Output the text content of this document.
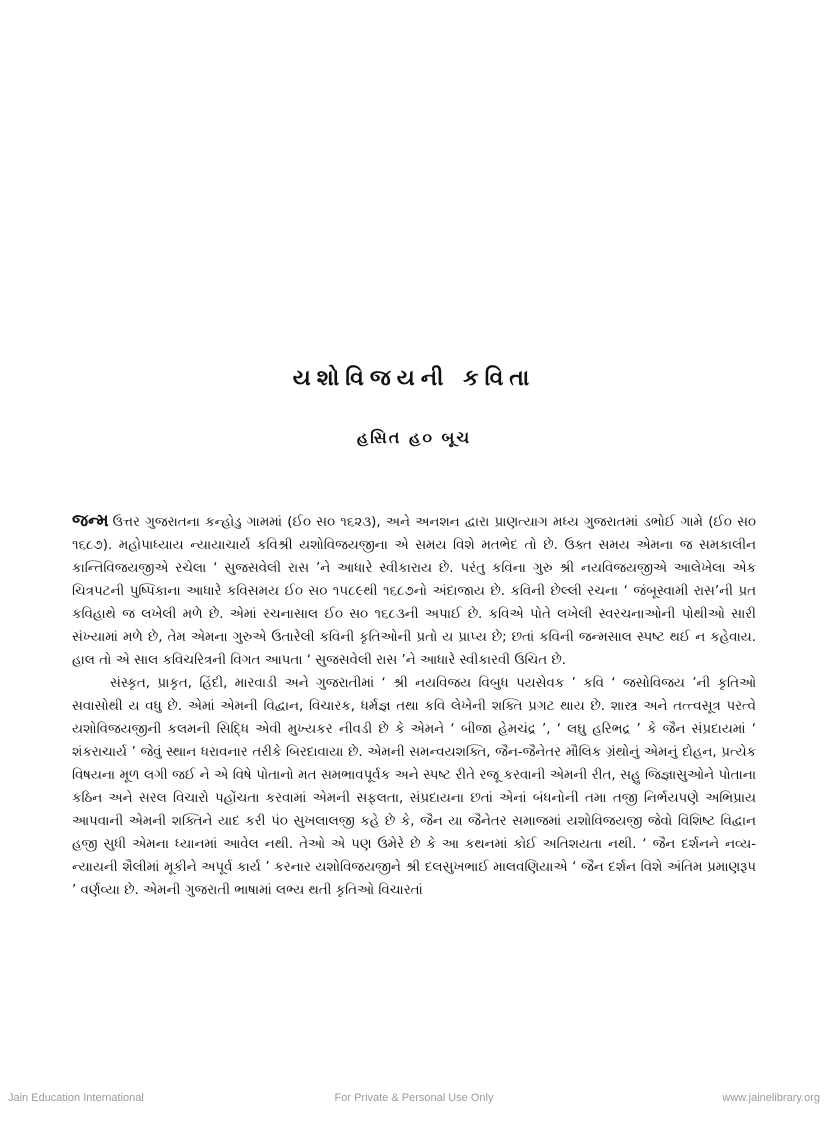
યશોવિજયની કવિતા
હસિત હ૦ બૂચ

જન્મ ઉત્તર ગુજરાતના કન્હોડુ ગામમાં (ઈ૦ સ૦ ૧૬૨૩), અને અનશન દ્વારા પ્રાણત્યાગ મધ્ય ગુજરાતમાં ડભોઈ ગામે (ઈ૦ સ૦ ૧૬૮૭). મહોપાધ્યાય ન્યાયાચાર્ય કવિશ્રી યશોવિજયજીના એ સમય વિશે મતભેદ તો છે. ઉક્ત સમય એમના જ સમકાલીન કાન્તિવિજયજીએ રચેલા ‘ સુજસવેલી રાસ ’ને આધારે સ્વીકારાય છે. પરંતુ કવિના ગુરુ શ્રી નયવિજયજીએ આલેખેલા એક ચિત્રપટની પુષ્પિકાના આધારે કવિસમય ઈ૦ સ૦ ૧૫૮૯થી ૧૬૮૭નો અંદાજાય છે. કવિની છેલ્લી રચના ‘ જંબૂસ્વામી રાસ’ની પ્રત કવિહાથે જ લખેલી મળે છે. એમાં રચનાસાલ ઈ૦ સ૦ ૧૬૮૩ની અપાઈ છે. કવિએ પોતે લખેલી સ્વરચનાઓની પોથીઓ સારી સંખ્યામાં મળે છે, તેમ એમના ગુરુએ ઉતારેલી કવિની કૃતિઓની પ્રતો ય પ્રાપ્ય છે; છતાં કવિની જન્મસાલ સ્પષ્ટ થઈ ન કહેવાય. હાલ તો એ સાલ કવિચરિત્રની વિગત આપતા ‘ સુજસવેલી રાસ ’ને આધારે સ્વીકારવી ઉચિત છે.

સંસ્કૃત, પ્રાકૃત, હિંદી, મારવાડી અને ગુજરાતીમાં ‘ શ્રી નયવિજય વિબુધ પયસેવક ’ કવિ ‘ જસોવિજય ’ની કૃતિઓ સવાસોથી ય વધુ છે. એમાં એમની વિદ્વાન, વિચારક, ધર્મજ્ઞ તથા કવિ લેખેની શક્તિ પ્રગટ થાય છે. શાસ્ત્ર અને તત્ત્વસૂત્ર પરત્વે યશોવિજયજીની કલમની સિદ્ધિ એવી મુખ્યકર નીવડી છે કે એમને ‘ બીજા હેમચંદ્ર ’, ‘ લઘુ હરિભદ્ર ’ કે જૈન સંપ્રદાયમાં ‘ શંકરાચાર્ય ’ જેવું સ્થાન ધરાવનાર તરીકે બિરદાવાયા છે. એમની સમન્વયશક્તિ, જૈન-જૈનેતર મૌલિક ગ્રંથોનું એમનું દોહન, પ્રત્યેક વિષયના મૂળ લગી જઈ ને એ વિષે પોતાનો મત સમભાવપૂર્વક અને સ્પષ્ટ રીતે રજૂ કરવાની એમની રીત, સહુ જિજ્ઞાસુઓને પોતાના કઠિન અને સરલ વિચારો પહોંચતા કરવામાં એમની સફલતા, સંપ્રદાયના છતાં એનાં બંધનોની તમા તજી નિર્ભયપણે અભિપ્રાય આપવાની એમની શક્તિને યાદ કરી પં૦ સુખલાલજી કહે છે કે, જૈન યા જૈનેતર સમાજમાં યશોવિજયજી જેવો વિશિષ્ટ વિદ્વાન હજી સુધી એમના ધ્યાનમાં આવેલ નથી. તેઓ એ પણ ઉમેરે છે કે આ કથનમાં કોઈ અતિશયતા નથી. ‘ જૈન દર્શનને નવ્ય-ન્યાયની શૈલીમાં મૂકીને અપૂર્વ કાર્ય ’ કરનાર યશોવિજયજીને શ્રી દલસુખભાઈ માલવણિયાએ ‘ જૈન દર્શન વિશે અંતિમ પ્રમાણરૂપ ’ વર્ણવ્યા છે. એમની ગુજરાતી ભાષામાં લભ્ય થતી કૃતિઓ વિચારતાં

Jain Education International	For Private & Personal Use Only	www.jainelibrary.org
